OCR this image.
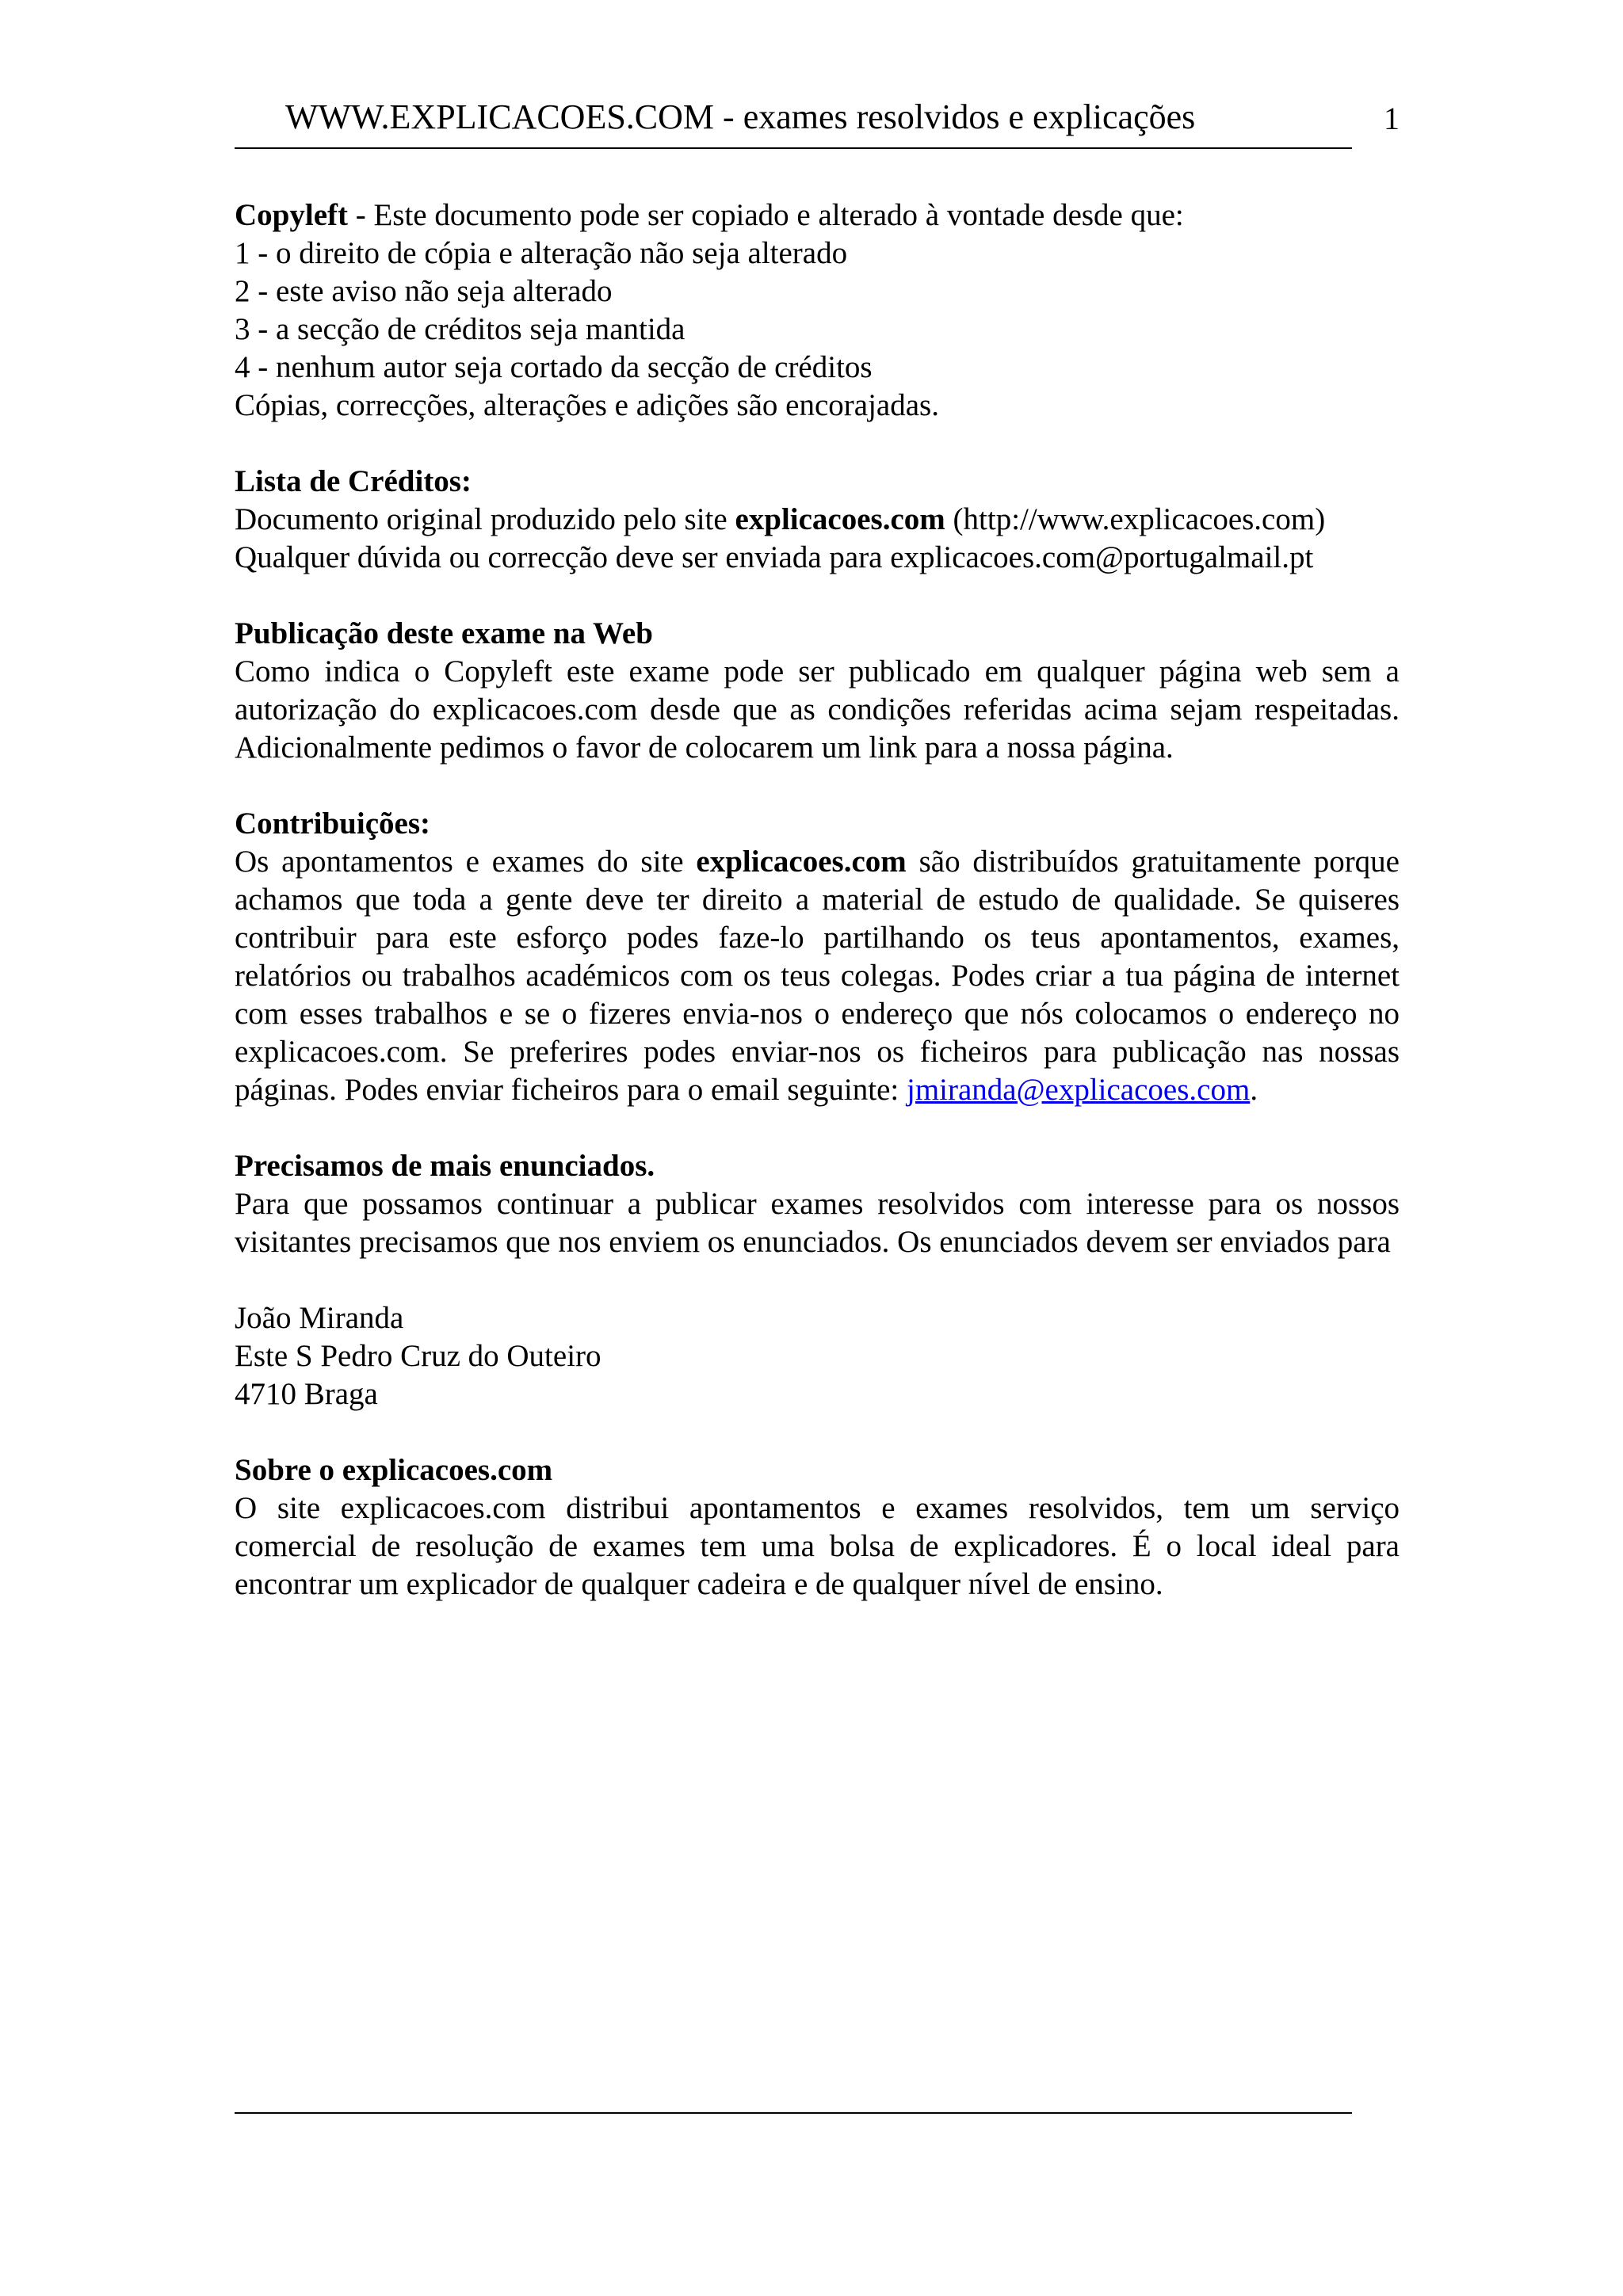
WWW.EXPLICACOES.COM - exames resolvidos e explicações	1
Copyleft - Este documento pode ser copiado e alterado à vontade desde que:
1 - o direito de cópia e alteração não seja alterado
2 - este aviso não seja alterado
3 - a secção de créditos seja mantida
4 - nenhum autor seja cortado da secção de créditos
Cópias, correcções, alterações e adições são encorajadas.
Lista de Créditos:
Documento original produzido pelo site explicacoes.com (http://www.explicacoes.com)
Qualquer dúvida ou correcção deve ser enviada para explicacoes.com@portugalmail.pt
Publicação deste exame na Web
Como indica o Copyleft este exame pode ser publicado em qualquer página web sem a autorização do explicacoes.com desde que as condições referidas acima sejam respeitadas. Adicionalmente pedimos o favor de colocarem um link para a nossa página.
Contribuições:
Os apontamentos e exames do site explicacoes.com são distribuídos gratuitamente porque achamos que toda a gente deve ter direito a material de estudo de qualidade. Se quiseres contribuir para este esforço podes faze-lo partilhando os teus apontamentos, exames, relatórios ou trabalhos académicos com os teus colegas. Podes criar a tua página de internet com esses trabalhos e se o fizeres envia-nos o endereço que nós colocamos o endereço no explicacoes.com. Se preferires podes enviar-nos os ficheiros para publicação nas nossas páginas. Podes enviar ficheiros para o email seguinte: jmiranda@explicacoes.com.
Precisamos de mais enunciados.
Para que possamos continuar a publicar exames resolvidos com interesse para os nossos visitantes precisamos que nos enviem os enunciados. Os enunciados devem ser enviados para
João Miranda
Este S Pedro Cruz do Outeiro
4710 Braga
Sobre o explicacoes.com
O site explicacoes.com distribui apontamentos e exames resolvidos, tem um serviço comercial de resolução de exames tem uma bolsa de explicadores. É o local ideal para encontrar um explicador de qualquer cadeira e de qualquer nível de ensino.
